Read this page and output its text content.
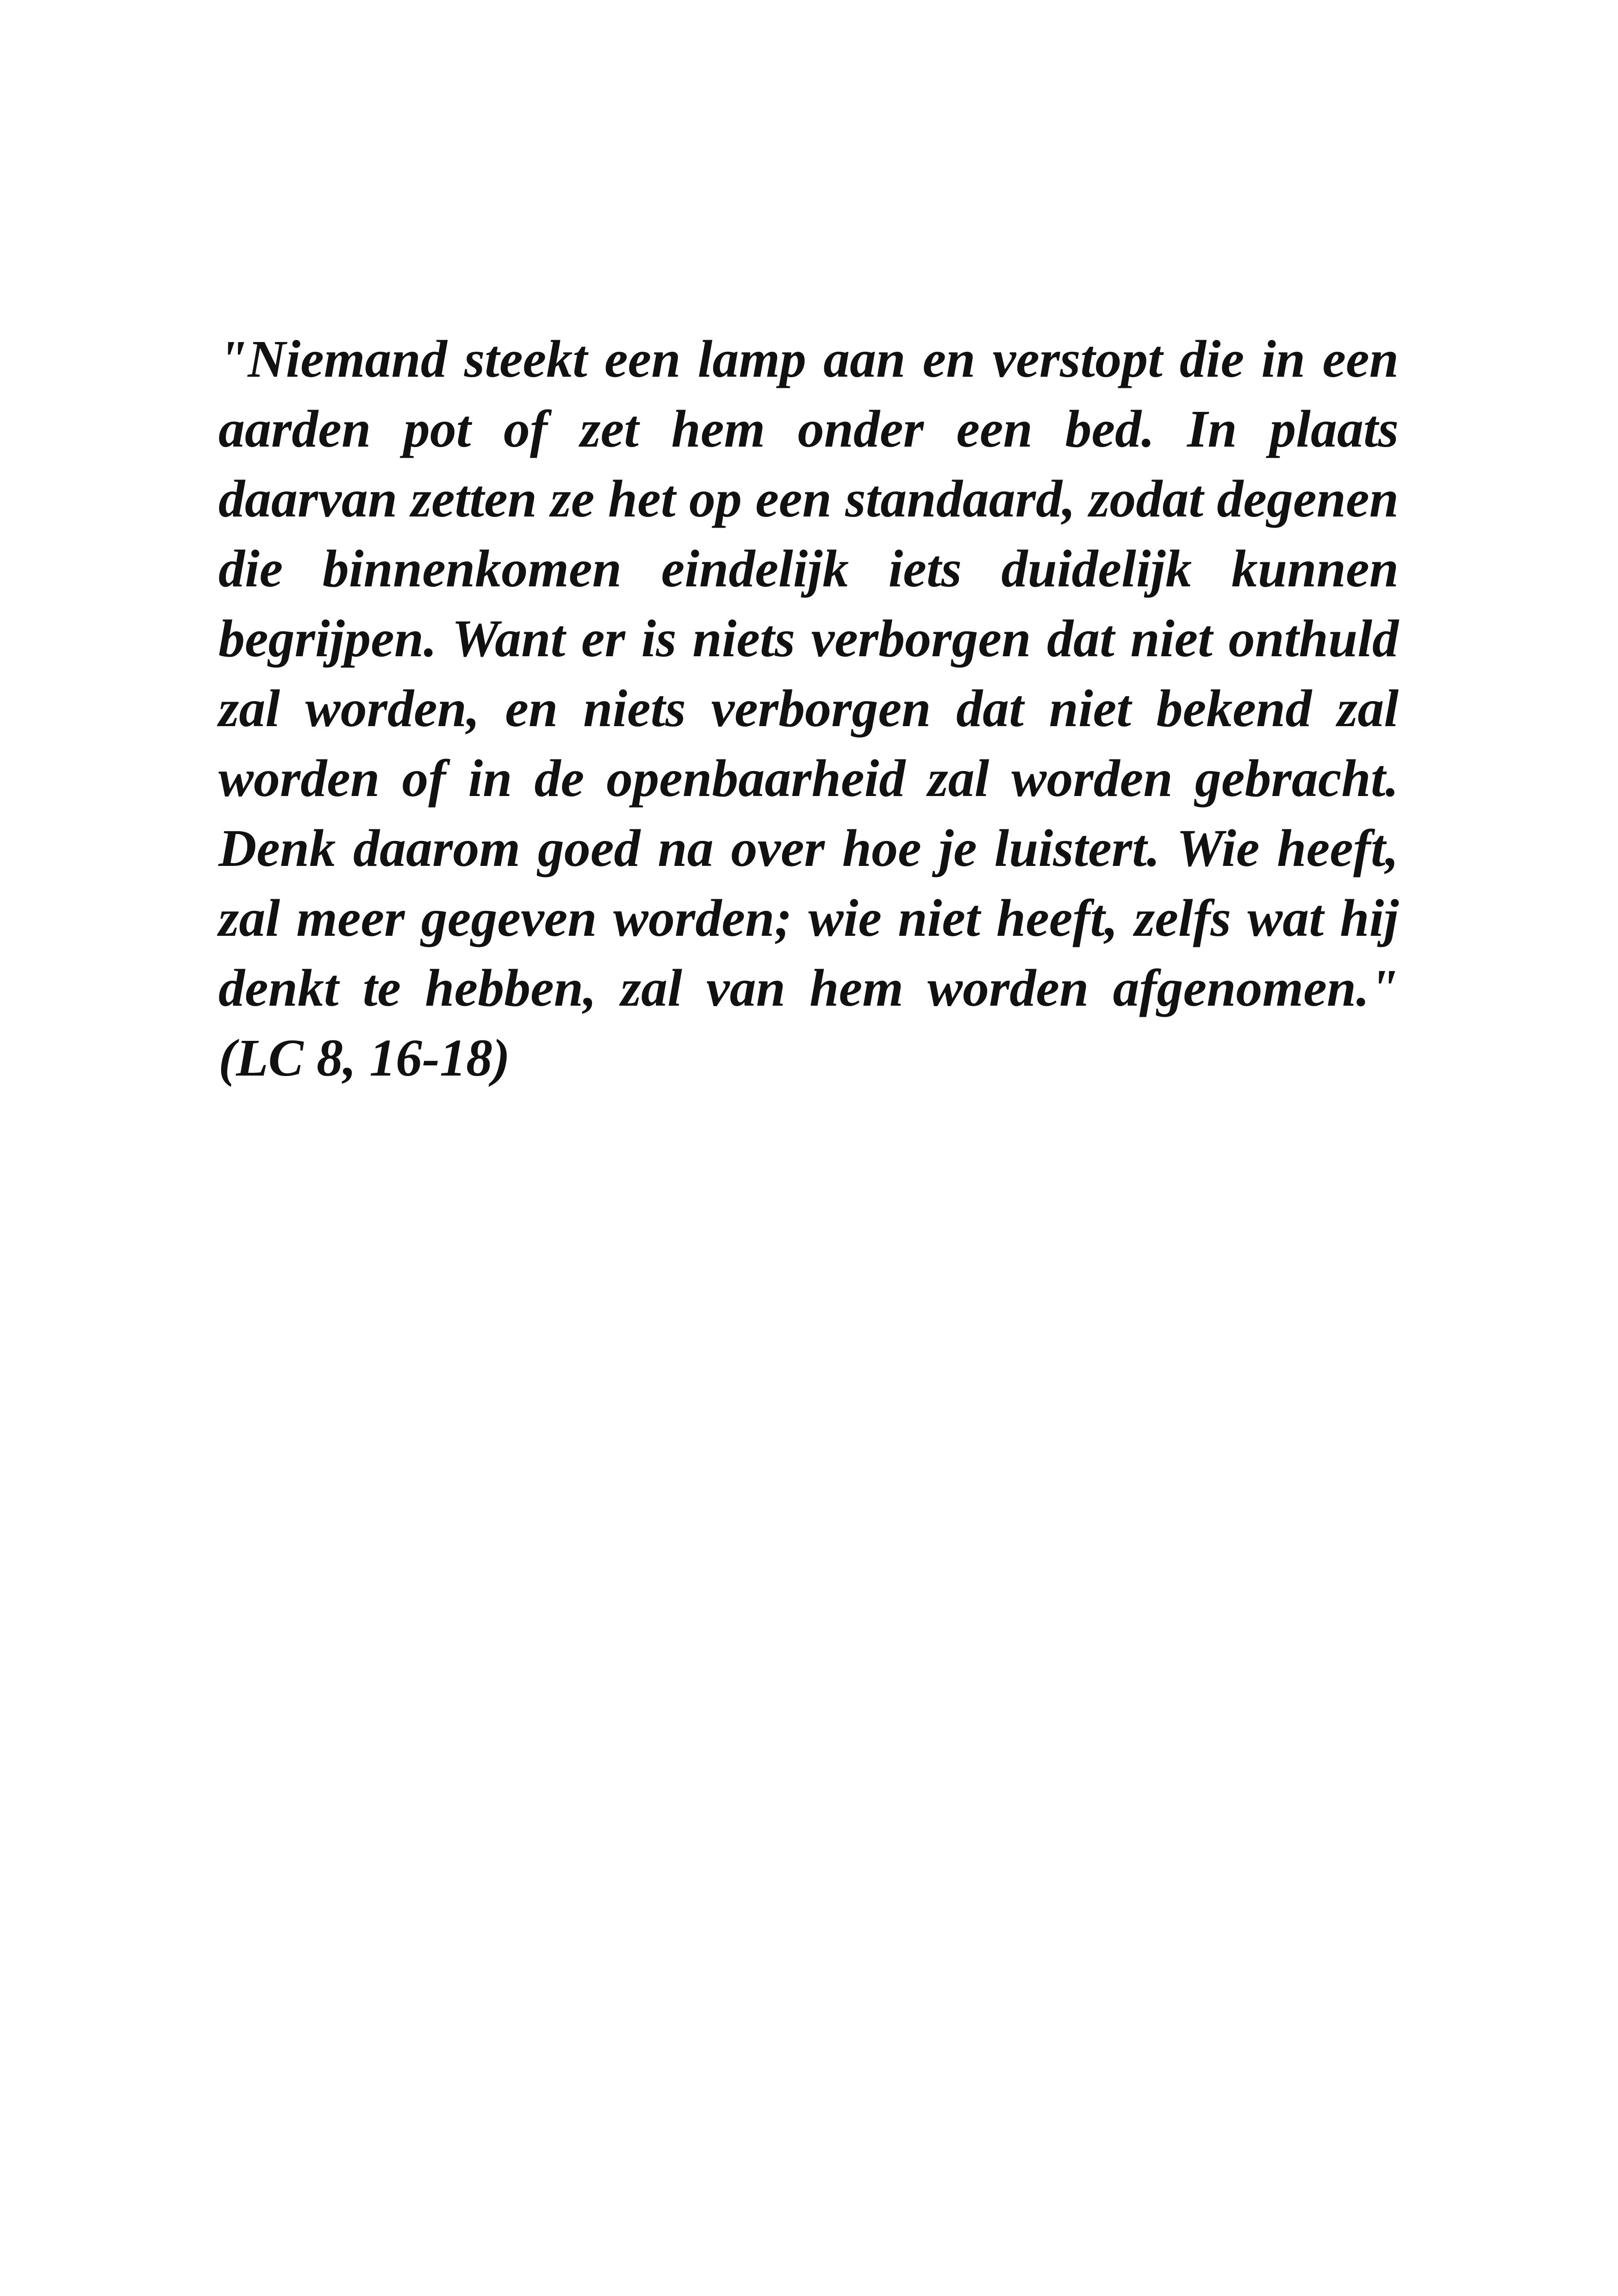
"Niemand steekt een lamp aan en verstopt die in een
aarden pot of zet hem onder een bed. In plaats
daarvan zetten ze het op een standaard, zodat degenen
die binnenkomen eindelijk iets duidelijk kunnen
begrijpen. Want er is niets verborgen dat niet onthuld
zal worden, en niets verborgen dat niet bekend zal
worden of in de openbaarheid zal worden gebracht.
Denk daarom goed na over hoe je luistert. Wie heeft,
zal meer gegeven worden; wie niet heeft, zelfs wat hij
denkt te hebben, zal van hem worden afgenomen."
(LC 8, 16-18)
